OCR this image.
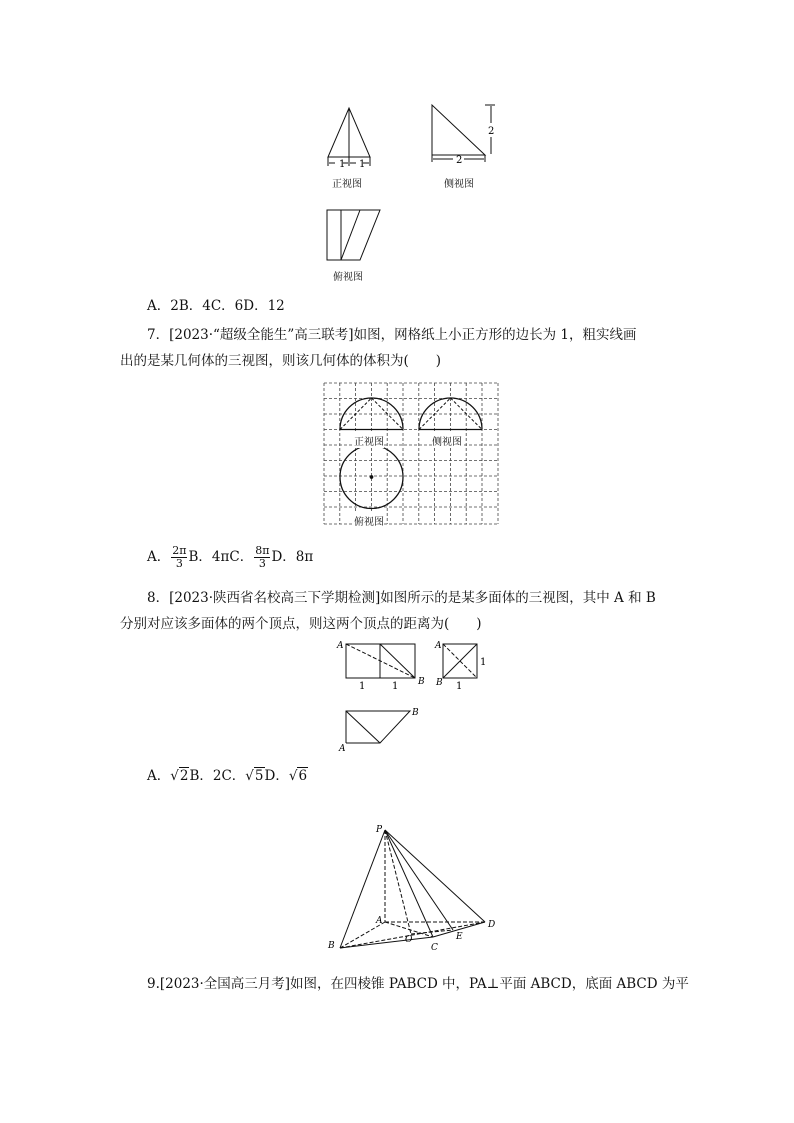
1 1	2
2
正视图	侧视图
俯视图
A．2B．4C．6D．12
7．[2023·“超级全能生”高三联考]如图，网格纸上小正方形的边长为 1，粗实线画
出的是某几何体的三视图，则该几何体的体积为(　　)
正视图	侧视图
俯视图
A． $\frac{2\pi}{3}$ B．4πC． $\frac{8\pi}{3}$ D．8π
8．[2023·陕西省名校高三下学期检测]如图所示的是某多面体的三视图，其中 A 和 B
分别对应该多面体的两个顶点，则这两个顶点的距离为(　　)
A
B
1	1
A
B
1
1
B
A
A．√2B．2C．√5D．√6
P
A
B	C
D
O	E
9.[2023·全国高三月考]如图，在四棱锥 PABCD 中，PA⊥平面 ABCD，底面 ABCD 为平
